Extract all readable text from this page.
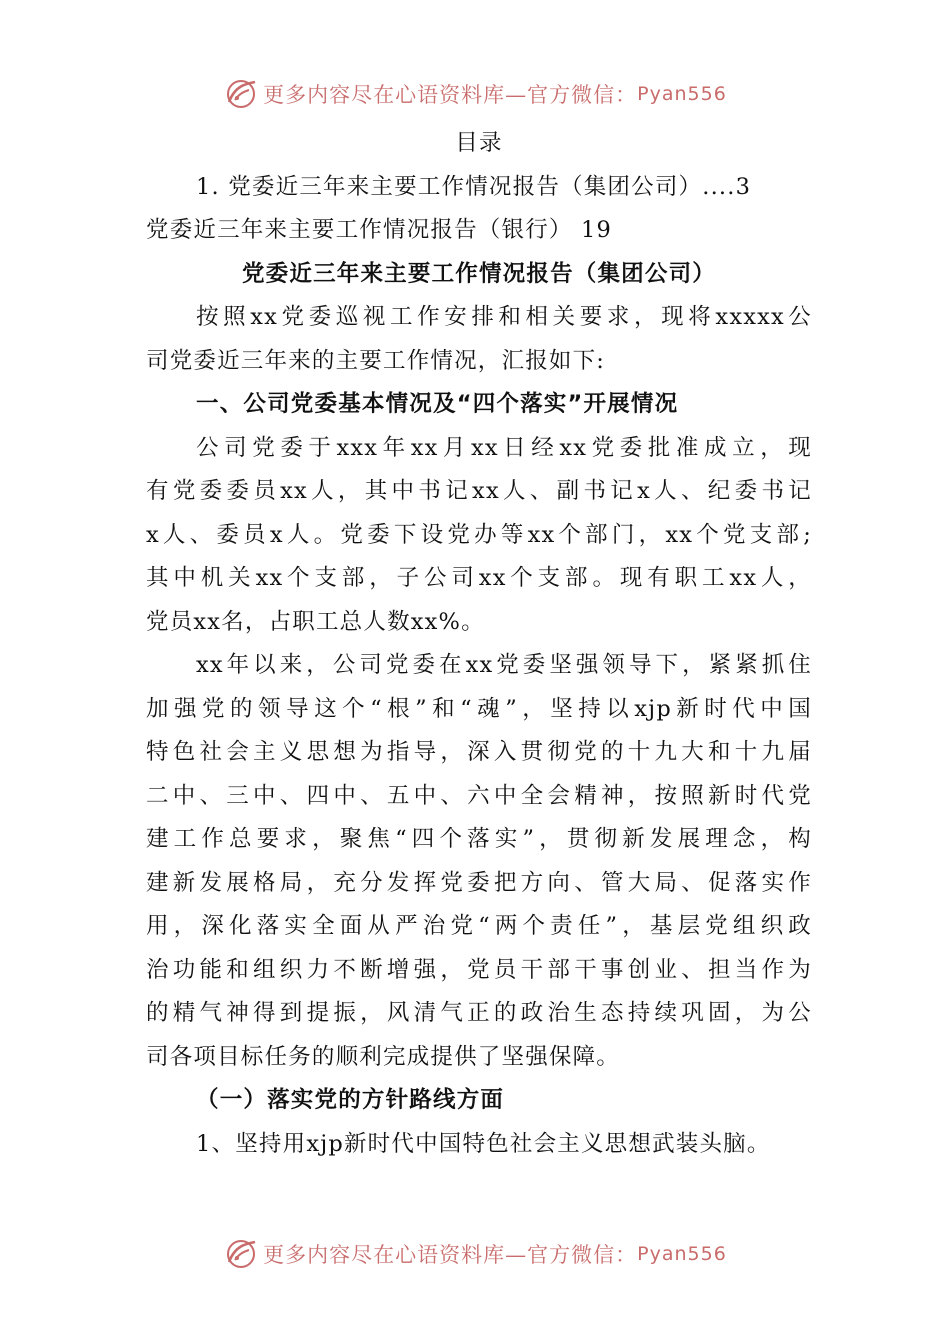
更多内容尽在心语资料库—官方微信： Pyan556
目录
1. 党委近三年来主要工作情况报告（集团公司）....3
党委近三年来主要工作情况报告（银行） 19
党委近三年来主要工作情况报告（集团公司）
按照xx党委巡视工作安排和相关要求，现将xxxxx公
司党委近三年来的主要工作情况，汇报如下:
一、公司党委基本情况及“四个落实”开展情况
公司党委于xxx年xx月xx日经xx党委批准成立，现
有党委委员xx人，其中书记xx人、副书记x人、纪委书记
x人、委员x人。党委下设党办等xx个部门，xx个党支部;
其中机关xx个支部，子公司xx个支部。现有职工xx人，
党员xx名，占职工总人数xx%。
xx年以来，公司党委在xx党委坚强领导下，紧紧抓住
加强党的领导这个“根”和“魂”，坚持以xjp新时代中国
特色社会主义思想为指导，深入贯彻党的十九大和十九届
二中、三中、四中、五中、六中全会精神，按照新时代党
建工作总要求，聚焦“四个落实”，贯彻新发展理念，构
建新发展格局，充分发挥党委把方向、管大局、促落实作
用，深化落实全面从严治党“两个责任”，基层党组织政
治功能和组织力不断增强，党员干部干事创业、担当作为
的精气神得到提振，风清气正的政治生态持续巩固，为公
司各项目标任务的顺利完成提供了坚强保障。
（一）落实党的方针路线方面
1、坚持用xjp新时代中国特色社会主义思想武装头脑。
更多内容尽在心语资料库—官方微信： Pyan556
